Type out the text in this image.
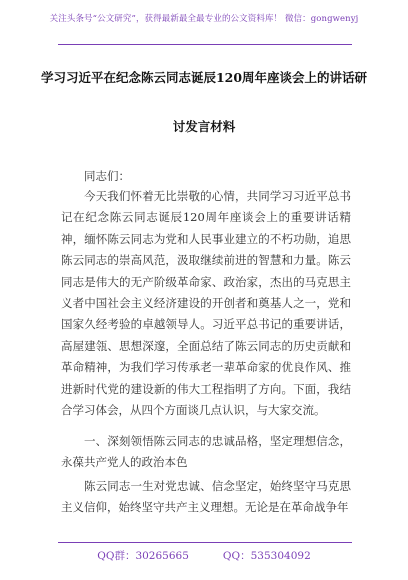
关注头条号“公文研究”，获得最新最全最专业的公文资料库！ 微信：gongwenyj
学习习近平在纪念陈云同志诞辰120周年座谈会上的讲话研
讨发言材料
同志们：
今天我们怀着无比崇敬的心情，共同学习习近平总书记在纪念陈云同志诞辰120周年座谈会上的重要讲话精神，缅怀陈云同志为党和人民事业建立的不朽功勋，追思陈云同志的崇高风范，汲取继续前进的智慧和力量。陈云同志是伟大的无产阶级革命家、政治家，杰出的马克思主义者中国社会主义经济建设的开创者和奠基人之一，党和国家久经考验的卓越领导人。习近平总书记的重要讲话，高屋建瓴、思想深邃，全面总结了陈云同志的历史贡献和革命精神，为我们学习传承老一辈革命家的优良作风、推进新时代党的建设新的伟大工程指明了方向。下面，我结合学习体会，从四个方面谈几点认识，与大家交流。
一、深刻领悟陈云同志的忠诚品格，坚定理想信念，永葆共产党人的政治本色
陈云同志一生对党忠诚、信念坚定，始终坚守马克思主义信仰，始终坚守共产主义理想。无论是在革命战争年
QQ群：30265665	QQ：535304092
